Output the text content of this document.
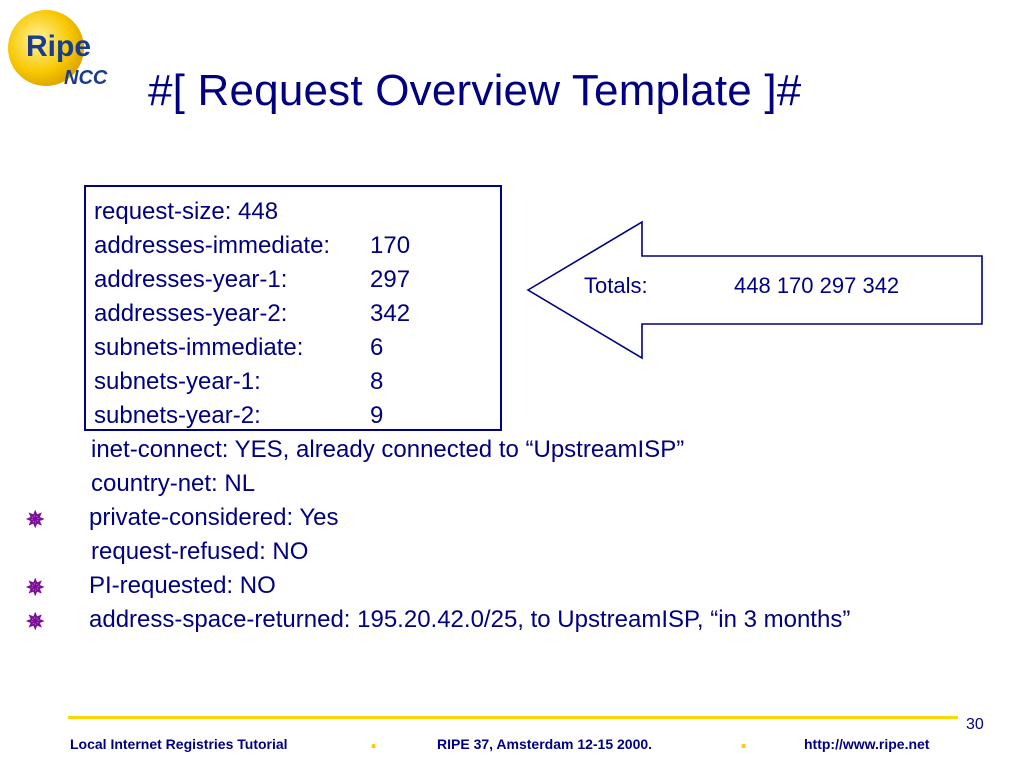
Ripe
NCC #[ Request Overview Template ]#
request-size: 448
addresses-immediate: 170
addresses-year-1:	297
addresses-year-2:	342
subnets-immediate:	6
subnets-year-1:	8
subnets-year-2:	9
inet-connect: YES, already connected to “UpstreamISP”
country-net: NL
✵ private-considered: Yes
request-refused: NO
✵ PI-requested: NO
✵ address-space-returned: 195.20.42.0/25, to UpstreamISP, “in 3 months”
Totals:	448 170 297 342
30
Local Internet Registries Tutorial	.	RIPE 37, Amsterdam 12-15 2000.	.	http://www.ripe.net
